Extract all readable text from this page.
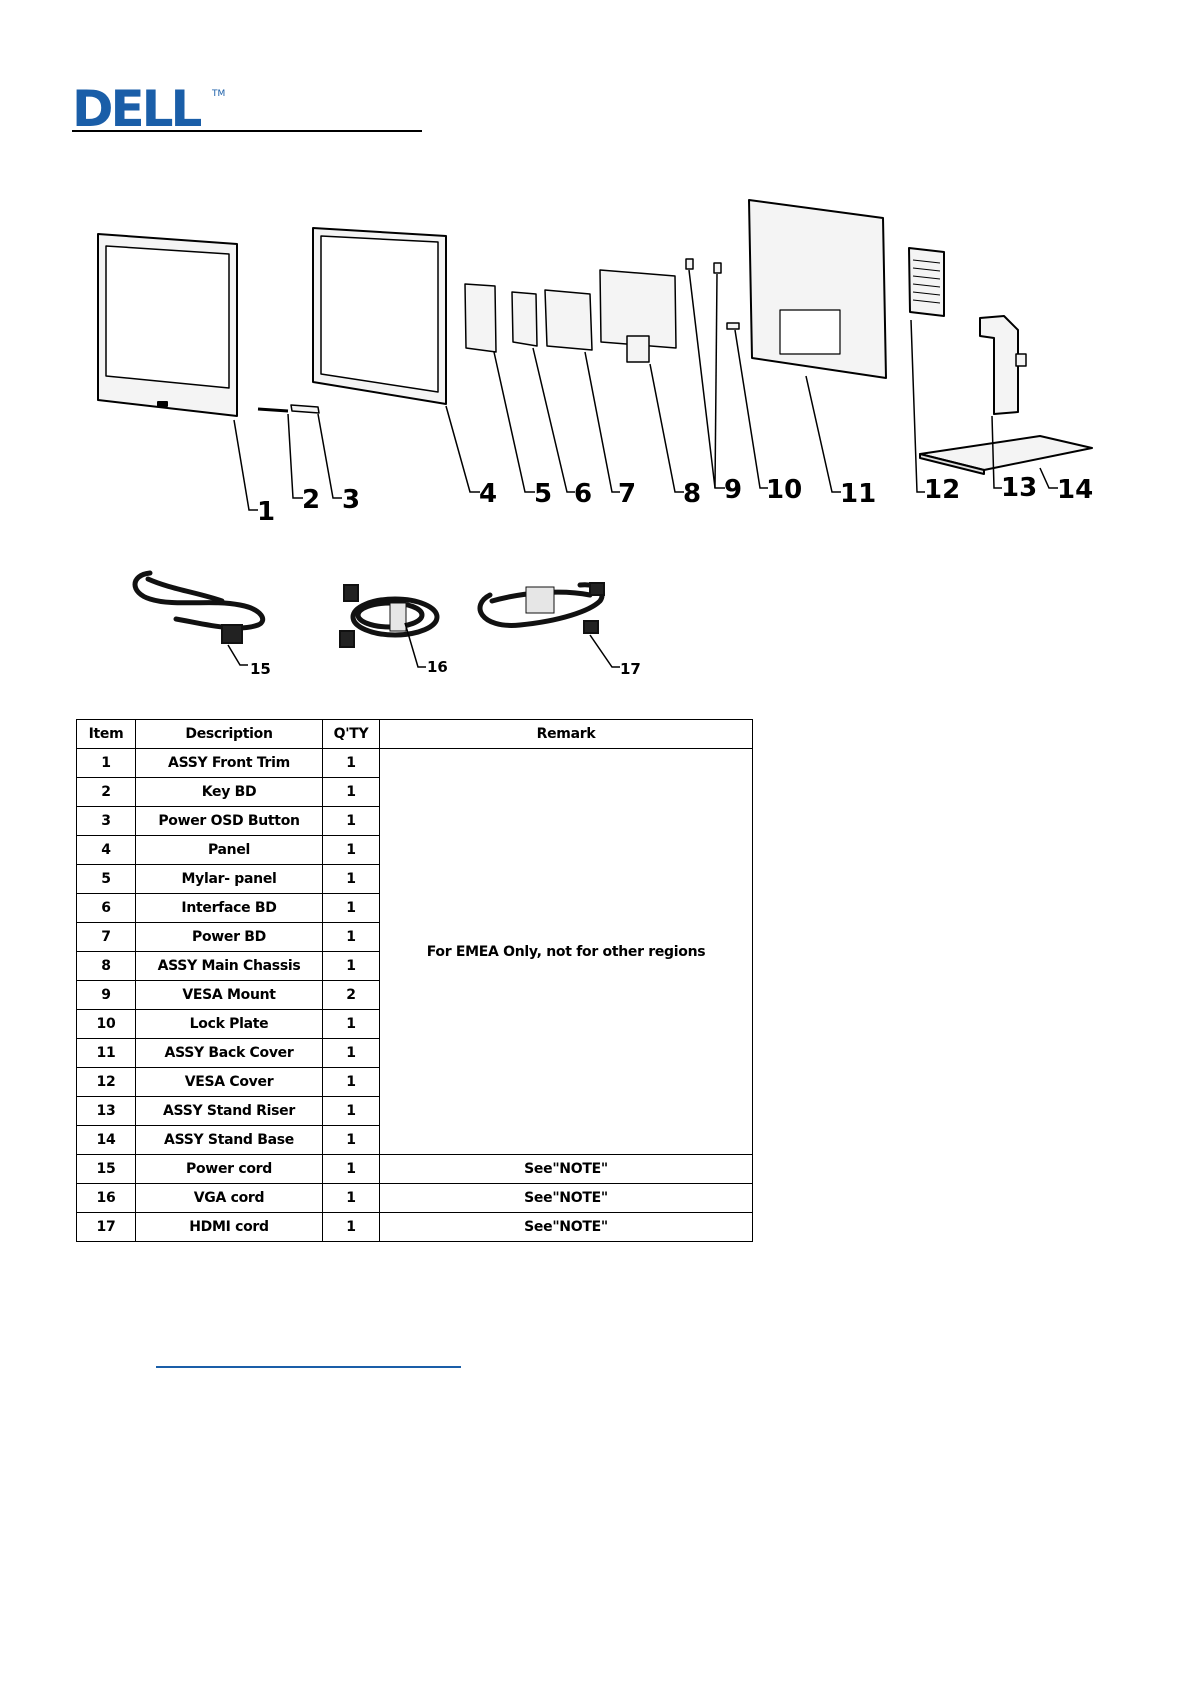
DELL TM
1 2 3	4 5 6 7 8 9 10 11 12 13 14
15	16	17
Item	Description	Q'TY	Remark
1	ASSY Front Trim	1	For EMEA Only, not for other regions
2	Key BD	1	
3	Power OSD Button	1	
4	Panel	1	
5	Mylar- panel	1	
6	Interface BD	1	
7	Power BD	1	
8	ASSY Main Chassis	1	
9	VESA Mount	2	
10	Lock Plate	1	
11	ASSY Back Cover	1	
12	VESA Cover	1	
13	ASSY Stand Riser	1	
14	ASSY Stand Base	1	
15	Power cord	1	See"NOTE"
16	VGA cord	1	See"NOTE"
17	HDMI cord	1	See"NOTE"
